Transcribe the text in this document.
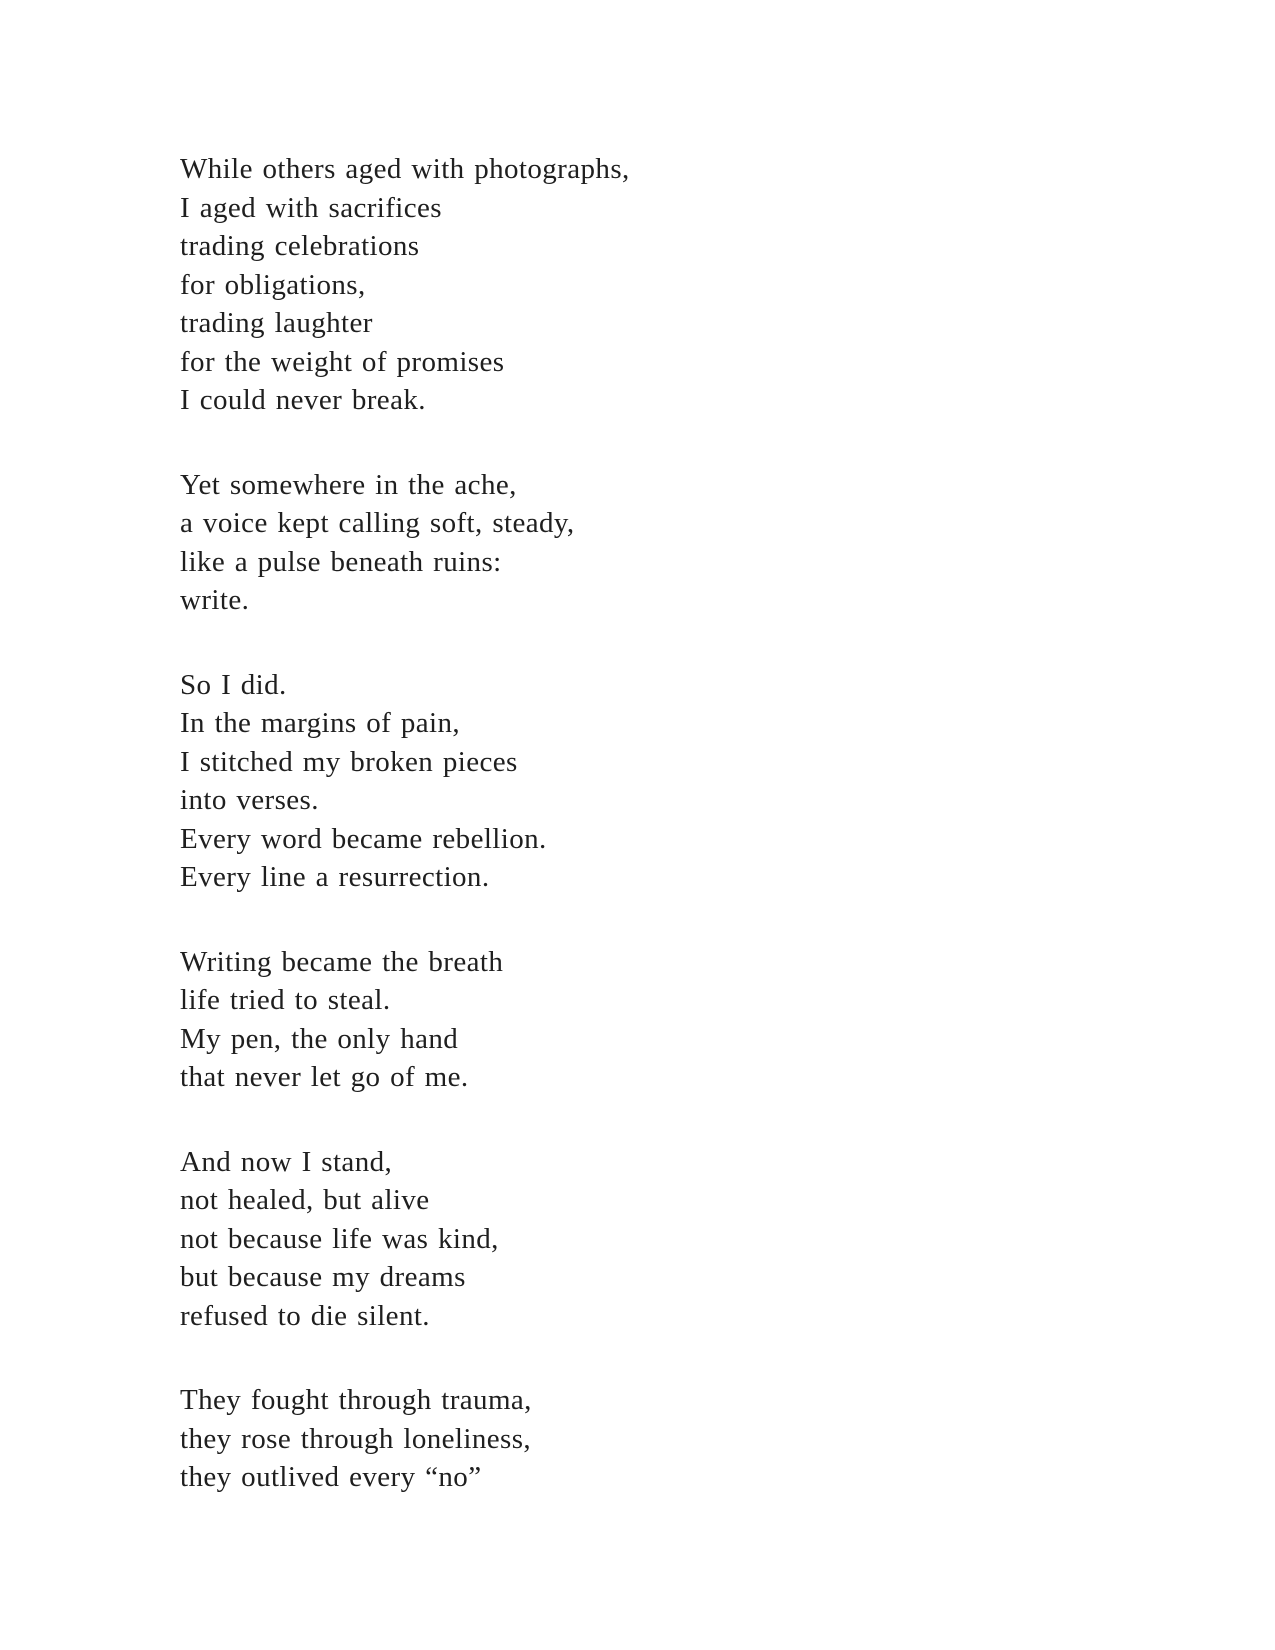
While others aged with photographs,
I aged with sacrifices
trading celebrations
for obligations,
trading laughter
for the weight of promises
I could never break.
Yet somewhere in the ache,
a voice kept calling soft, steady,
like a pulse beneath ruins:
write.
So I did.
In the margins of pain,
I stitched my broken pieces
into verses.
Every word became rebellion.
Every line a resurrection.
Writing became the breath
life tried to steal.
My pen, the only hand
that never let go of me.
And now I stand,
not healed, but alive
not because life was kind,
but because my dreams
refused to die silent.
They fought through trauma,
they rose through loneliness,
they outlived every “no”
